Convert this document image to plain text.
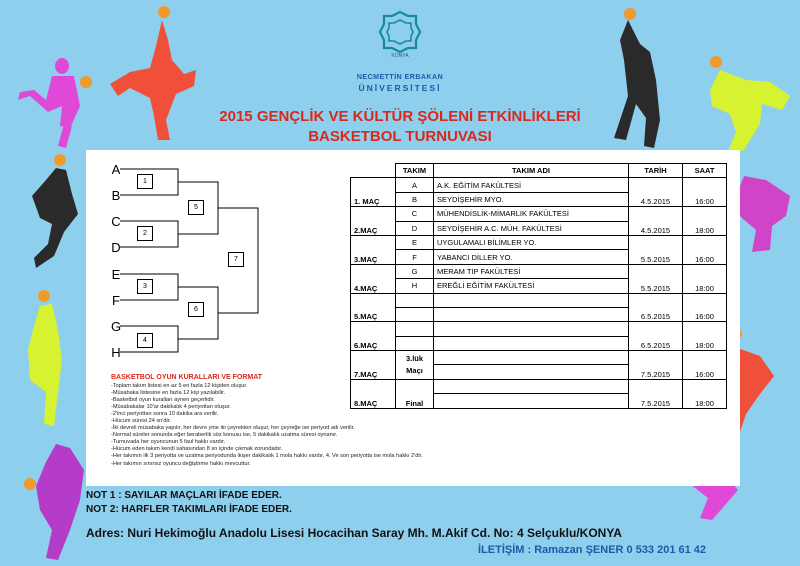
KONYA
NECMETTİN ERBAKAN
ÜNİVERSİTESİ
2015 GENÇLİK VE KÜLTÜR ŞÖLENİ ETKİNLİKLERİ
BASKETBOL TURNUVASI
A
B
C
D
E
F
G
H
1
2
3
4
5
6
7
BASKETBOL OYUN KURALLARI VE FORMAT
-Toplam takım listesi en az 5 en fazla 12 kişiden oluşur.
-Müsabaka listesine en fazla 12 kişi yazılabilir.
-Basketbol oyun kuralları aynen geçerlidir.
-Müsabakalar 10'ar dakikalık 4 periyottan oluşur.
-2'inci periyottan sonra 10 dakika ara verilir.
-Hücum süresi 24 sn'dir.
-İki devreli müsabaka yapılır, her devre yine iki çeyrekten oluşur, her çeyreğe ise periyod adı verilir.
-Normal süreler sonunda eğer beraberlik söz konusu ise, 5 dakikalık uzatma süresi oynanır.
-Turnuvada her oyuncunun 5 faul hakkı vardır.
-Hücum eden takım kendi sahasından 8 sn içinde çıkmak zorundadır.
-Her takımın ilk 3 periyotta ve uzatma periyodunda ikişer dakikalık 1 mola hakkı vardır, 4. Ve son periyotta ise mola hakkı 2'dir.
-Her takımın sınırsız oyuncu değiştirme hakkı mevcuttur.
	TAKIM	TAKIM ADI	TARİH	SAAT
1. MAÇ	A	A.K. EĞİTİM FAKÜLTESİ	4.5.2015	16:00
	B	SEYDİŞEHİR MYO.		
2.MAÇ	C	MÜHENDİSLİK-MİMARLIK FAKÜLTESİ	4.5.2015	18:00
	D	SEYDİŞEHİR A.C. MÜH. FAKÜLTESİ		
3.MAÇ	E	UYGULAMALI BİLİMLER YO.	5.5.2015	16:00
	F	YABANCI DİLLER YO.		
4.MAÇ	G	MERAM TIP FAKÜLTESİ	5.5.2015	18:00
	H	EREĞLİ EĞİTİM FAKÜLTESİ		
5.MAÇ			6.5.2015	16:00

6.MAÇ			6.5.2015	18:00

7.MAÇ	3.lük Maçı		7.5.2015	16:00

8.MAÇ	Final		7.5.2015	18:00

NOT 1 : SAYILAR MAÇLARI İFADE EDER.
NOT 2: HARFLER TAKIMLARI İFADE EDER.
Adres: Nuri Hekimoğlu Anadolu Lisesi Hocacihan Saray Mh. M.Akif Cd. No: 4 Selçuklu/KONYA
İLETİŞİM : Ramazan ŞENER 0 533 201 61 42
